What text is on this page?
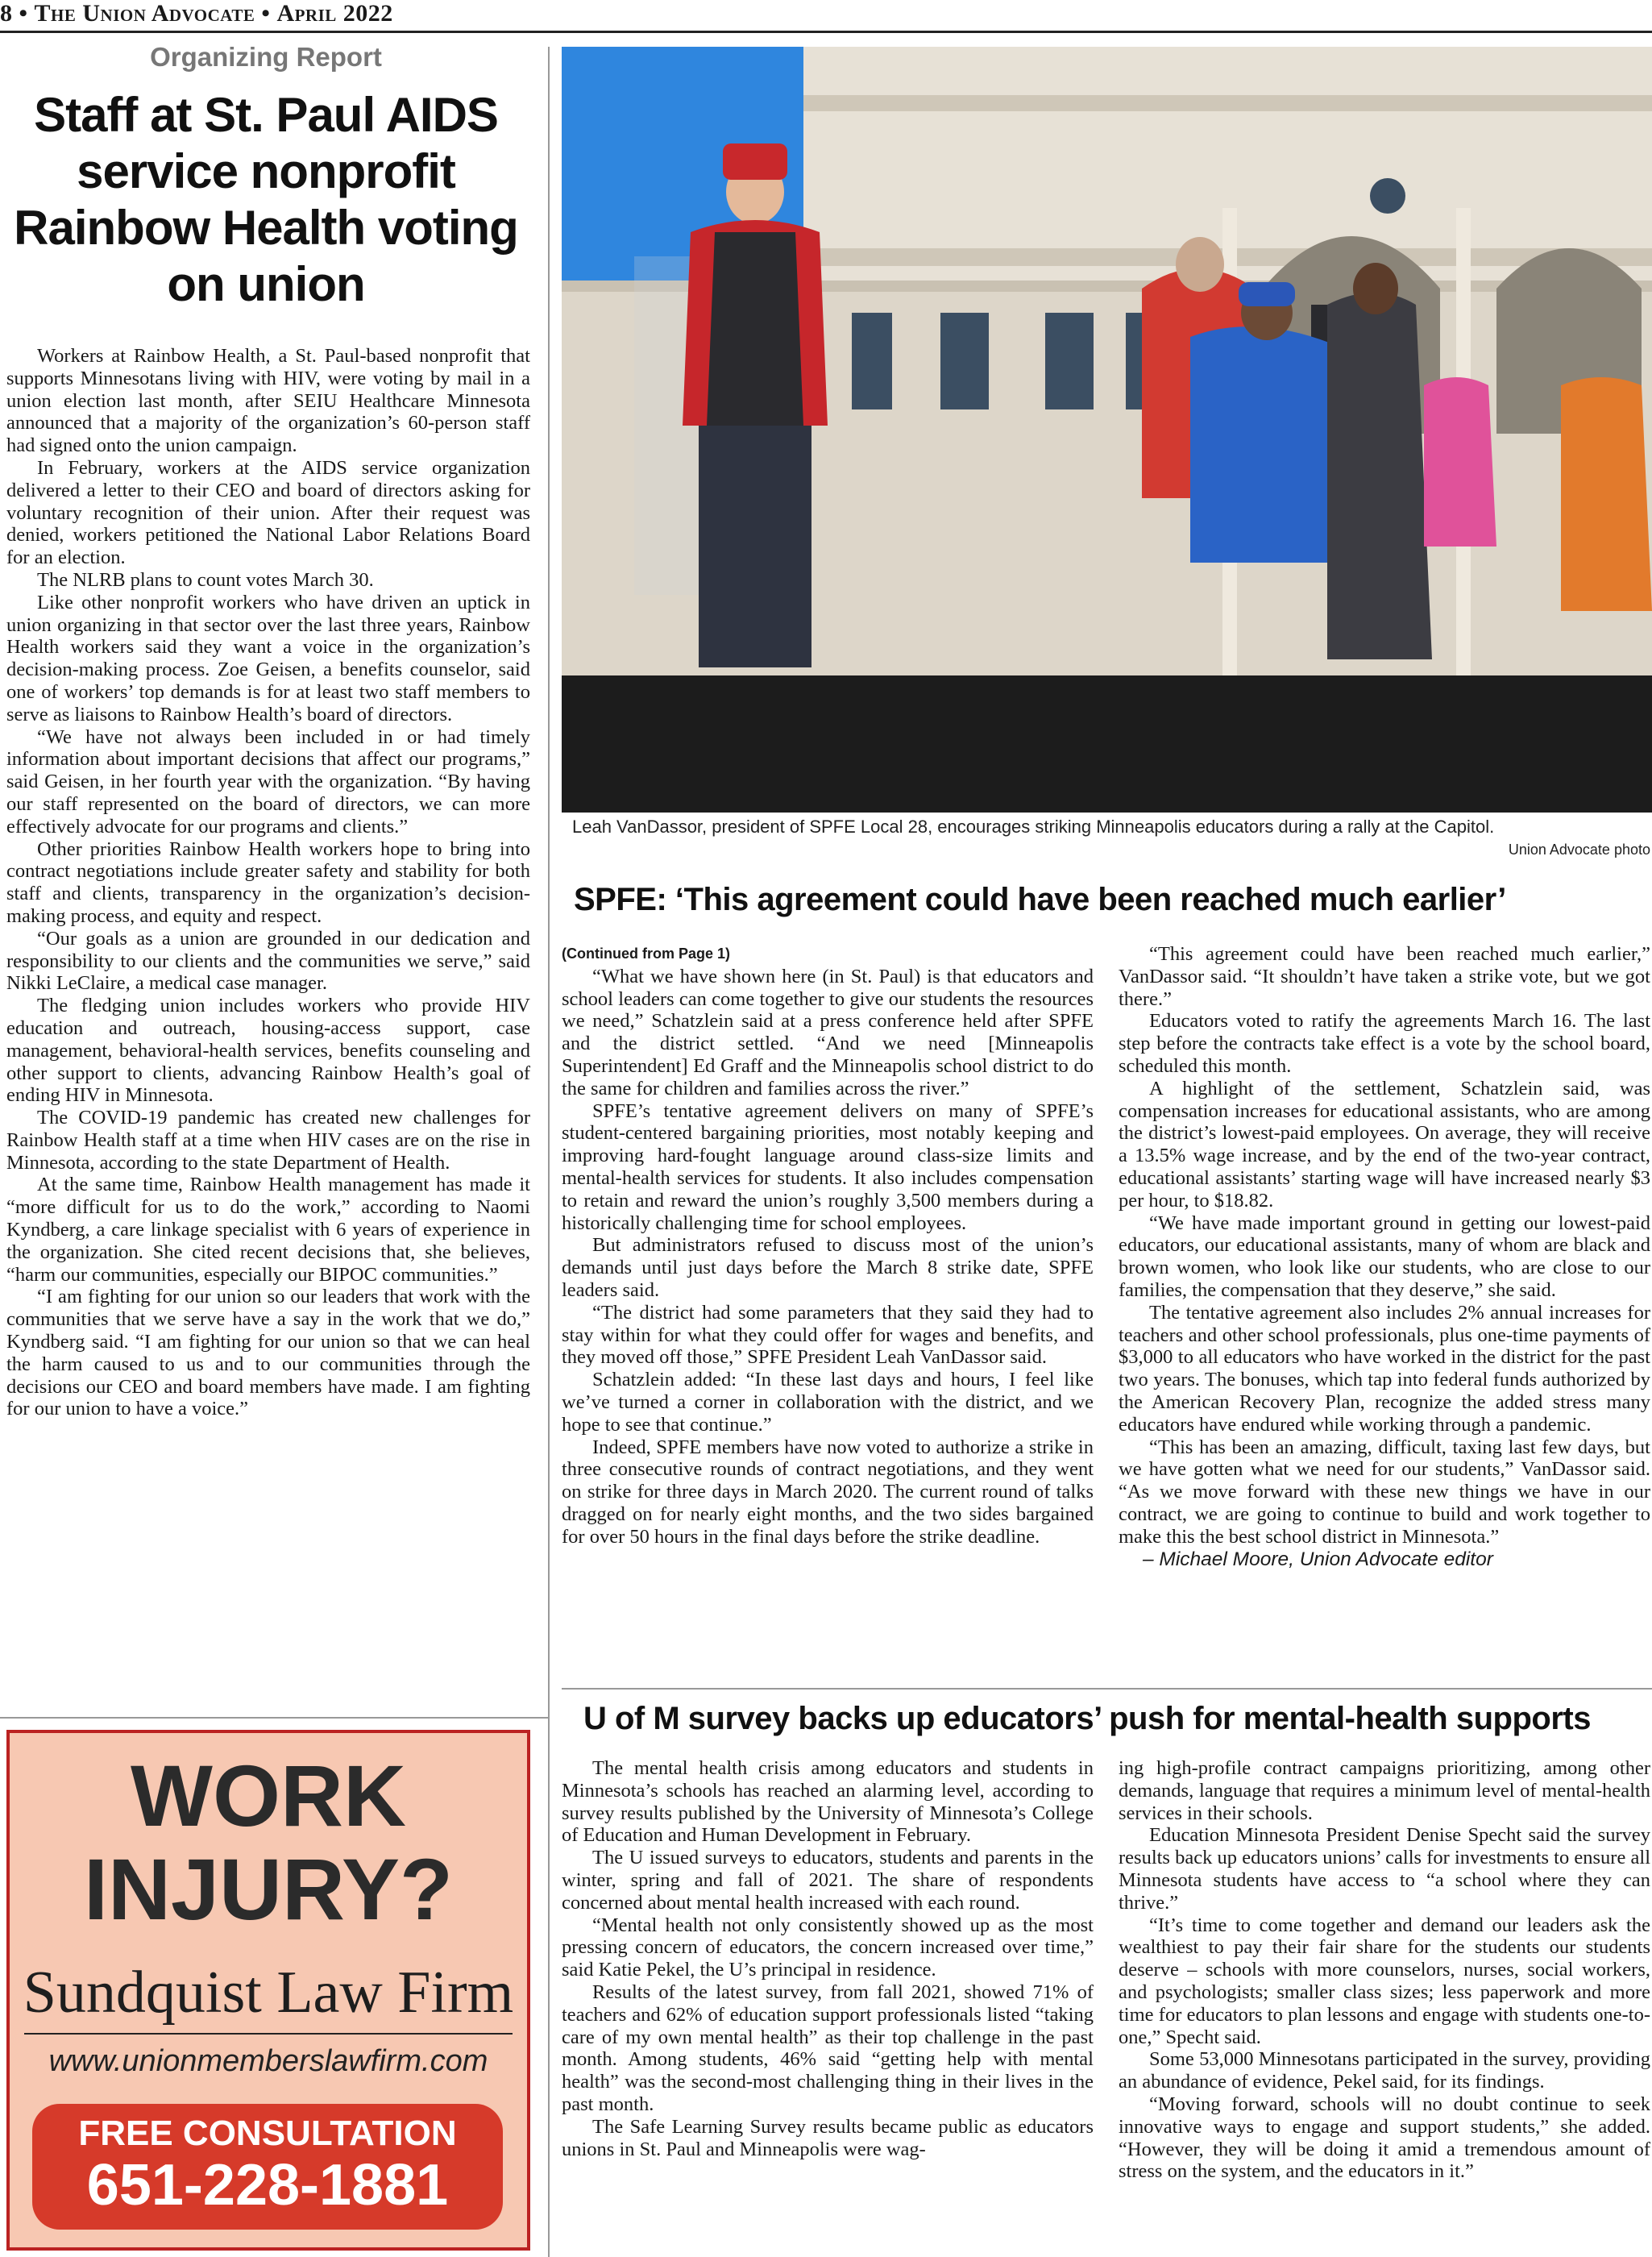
8 • The Union Advocate • April 2022
Organizing Report
Staff at St. Paul AIDS service nonprofit Rainbow Health voting on union

Workers at Rainbow Health, a St. Paul-based nonprofit that supports Minnesotans living with HIV, were voting by mail in a union election last month, after SEIU Healthcare Minnesota announced that a majority of the organization’s 60-person staff had signed onto the union campaign.

In February, workers at the AIDS service organization delivered a letter to their CEO and board of directors asking for voluntary recognition of their union. After their request was denied, workers petitioned the National Labor Relations Board for an election.

The NLRB plans to count votes March 30.

Like other nonprofit workers who have driven an uptick in union organizing in that sector over the last three years, Rainbow Health workers said they want a voice in the organization’s decision-making process. Zoe Geisen, a benefits counselor, said one of workers’ top demands is for at least two staff members to serve as liaisons to Rainbow Health’s board of directors.

“We have not always been included in or had timely information about important decisions that affect our programs,” said Geisen, in her fourth year with the organization. “By having our staff represented on the board of directors, we can more effectively advocate for our programs and clients.”

Other priorities Rainbow Health workers hope to bring into contract negotiations include greater safety and stability for both staff and clients, transparency in the organization’s decision-making process, and equity and respect.

“Our goals as a union are grounded in our dedication and responsibility to our clients and the communities we serve,” said Nikki LeClaire, a medical case manager.

The fledging union includes workers who provide HIV education and outreach, housing-access support, case management, behavioral-health services, benefits counseling and other support to clients, advancing Rainbow Health’s goal of ending HIV in Minnesota.

The COVID-19 pandemic has created new challenges for Rainbow Health staff at a time when HIV cases are on the rise in Minnesota, according to the state Department of Health.

At the same time, Rainbow Health management has made it “more difficult for us to do the work,” according to Naomi Kyndberg, a care linkage specialist with 6 years of experience in the organization. She cited recent decisions that, she believes, “harm our communities, especially our BIPOC communities.”

“I am fighting for our union so our leaders that work with the communities that we serve have a say in the work that we do,” Kyndberg said. “I am fighting for our union so that we can heal the harm caused to us and to our communities through the decisions our CEO and board members have made. I am fighting for our union to have a voice.”

Leah VanDassor, president of SPFE Local 28, encourages striking Minneapolis educators during a rally at the Capitol.
Union Advocate photo
SPFE: ‘This agreement could have been reached much earlier’
(Continued from Page 1)

“What we have shown here (in St. Paul) is that educators and school leaders can come together to give our students the resources we need,” Schatzlein said at a press conference held after SPFE and the district settled. “And we need [Minneapolis Superintendent] Ed Graff and the Minneapolis school district to do the same for children and families across the river.”

SPFE’s tentative agreement delivers on many of SPFE’s student-centered bargaining priorities, most notably keeping and improving hard-fought language around class-size limits and mental-health services for students. It also includes compensation to retain and reward the union’s roughly 3,500 members during a historically challenging time for school employees.

But administrators refused to discuss most of the union’s demands until just days before the March 8 strike date, SPFE leaders said.

“The district had some parameters that they said they had to stay within for what they could offer for wages and benefits, and they moved off those,” SPFE President Leah VanDassor said.

Schatzlein added: “In these last days and hours, I feel like we’ve turned a corner in collaboration with the district, and we hope to see that continue.”

Indeed, SPFE members have now voted to authorize a strike in three consecutive rounds of contract negotiations, and they went on strike for three days in March 2020. The current round of talks dragged on for nearly eight months, and the two sides bargained for over 50 hours in the final days before the strike deadline.

“This agreement could have been reached much earlier,” VanDassor said. “It shouldn’t have taken a strike vote, but we got there.”

Educators voted to ratify the agreements March 16. The last step before the contracts take effect is a vote by the school board, scheduled this month.

A highlight of the settlement, Schatzlein said, was compensation increases for educational assistants, who are among the district’s lowest-paid employees. On average, they will receive a 13.5% wage increase, and by the end of the two-year contract, educational assistants’ starting wage will have increased nearly $3 per hour, to $18.82.

“We have made important ground in getting our lowest-paid educators, our educational assistants, many of whom are black and brown women, who look like our students, who are close to our families, the compensation that they deserve,” she said.

The tentative agreement also includes 2% annual increases for teachers and other school professionals, plus one-time payments of $3,000 to all educators who have worked in the district for the past two years. The bonuses, which tap into federal funds authorized by the American Recovery Plan, recognize the added stress many educators have endured while working through a pandemic.

“This has been an amazing, difficult, taxing last few days, but we have gotten what we need for our students,” VanDassor said. “As we move forward with these new things we have in our contract, we are going to continue to build and work together to make this the best school district in Minnesota.”

– Michael Moore, Union Advocate editor
U of M survey backs up educators’ push for mental-health supports

The mental health crisis among educators and students in Minnesota’s schools has reached an alarming level, according to survey results published by the University of Minnesota’s College of Education and Human Development in February.

The U issued surveys to educators, students and parents in the winter, spring and fall of 2021. The share of respondents concerned about mental health increased with each round.

“Mental health not only consistently showed up as the most pressing concern of educators, the concern increased over time,” said Katie Pekel, the U’s principal in residence.

Results of the latest survey, from fall 2021, showed 71% of teachers and 62% of education support professionals listed “taking care of my own mental health” as their top challenge in the past month. Among students, 46% said “getting help with mental health” was the second-most challenging thing in their lives in the past month.

The Safe Learning Survey results became public as educators unions in St. Paul and Minneapolis were wag-

ing high-profile contract campaigns prioritizing, among other demands, language that requires a minimum level of mental-health services in their schools.

Education Minnesota President Denise Specht said the survey results back up educators unions’ calls for investments to ensure all Minnesota students have access to “a school where they can thrive.”

“It’s time to come together and demand our leaders ask the wealthiest to pay their fair share for the students our students deserve – schools with more counselors, nurses, social workers, and psychologists; smaller class sizes; less paperwork and more time for educators to plan lessons and engage with students one-to-one,” Specht said.

Some 53,000 Minnesotans participated in the survey, providing an abundance of evidence, Pekel said, for its findings.

“Moving forward, schools will no doubt continue to seek innovative ways to engage and support students,” she added. “However, they will be doing it amid a tremendous amount of stress on the system, and the educators in it.”

WORK
INJURY?
Sundquist Law Firm
www.unionmemberslawfirm.com
FREE CONSULTATION
651-228-1881
